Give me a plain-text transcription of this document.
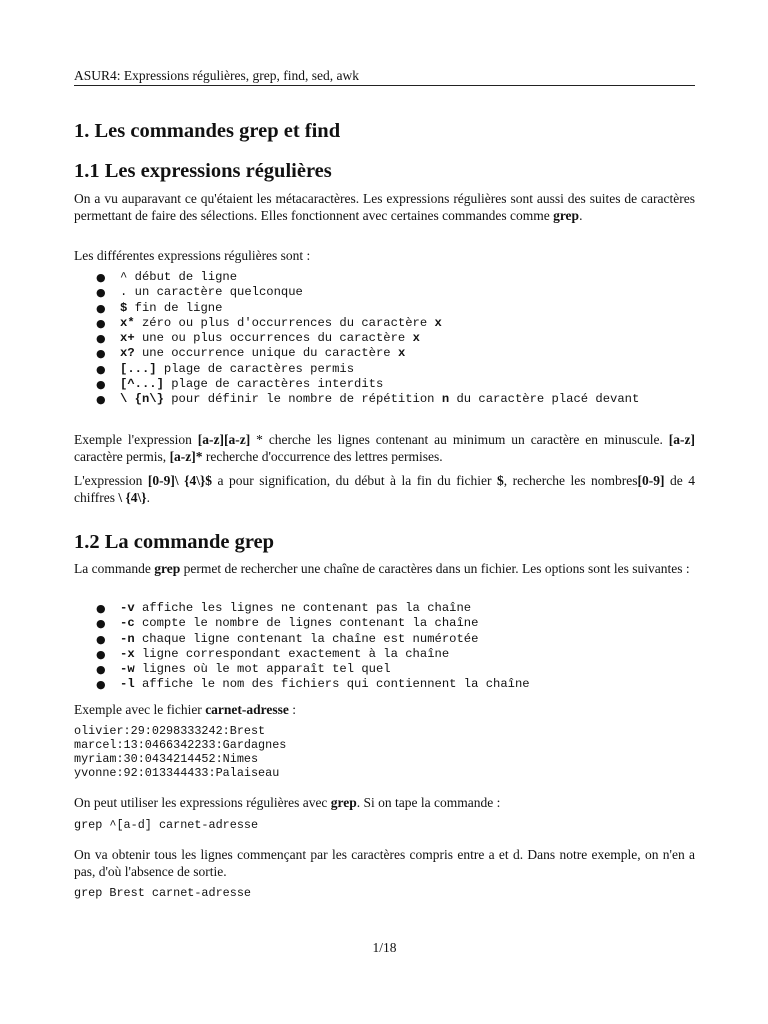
ASUR4: Expressions régulières, grep, find, sed, awk
1. Les commandes grep et find
1.1 Les expressions régulières

On a vu auparavant ce qu'étaient les métacaractères. Les expressions régulières sont aussi des suites de caractères permettant de faire des sélections. Elles fonctionnent avec certaines commandes comme grep.

Les différentes expressions régulières sont :

● ^ début de ligne
● . un caractère quelconque
● $ fin de ligne
● x* zéro ou plus d'occurrences du caractère x
● x+ une ou plus occurrences du caractère x
● x? une occurrence unique du caractère x
● [...] plage de caractères permis
● [^...] plage de caractères interdits
● \ {n\} pour définir le nombre de répétition n du caractère placé devant

Exemple l'expression [a-z][a-z] * cherche les lignes contenant au minimum un caractère en minuscule. [a-z] caractère permis, [a-z]* recherche d'occurrence des lettres permises.

L'expression [0-9]\ {4\}$ a pour signification, du début à la fin du fichier $, recherche les nombres[0-9] de 4 chiffres \ {4\}.

1.2 La commande grep

La commande grep permet de rechercher une chaîne de caractères dans un fichier. Les options sont les suivantes :

● -v affiche les lignes ne contenant pas la chaîne
● -c compte le nombre de lignes contenant la chaîne
● -n chaque ligne contenant la chaîne est numérotée
● -x ligne correspondant exactement à la chaîne
● -w lignes où le mot apparaît tel quel
● -l affiche le nom des fichiers qui contiennent la chaîne

Exemple avec le fichier carnet-adresse :

olivier:29:0298333242:Brest
marcel:13:0466342233:Gardagnes
myriam:30:0434214452:Nimes
yvonne:92:013344433:Palaiseau

On peut utiliser les expressions régulières avec grep. Si on tape la commande :

grep ^[a-d] carnet-adresse

On va obtenir tous les lignes commençant par les caractères compris entre a et d. Dans notre exemple, on n'en a pas, d'où l'absence de sortie.

grep Brest carnet-adresse
1/18
